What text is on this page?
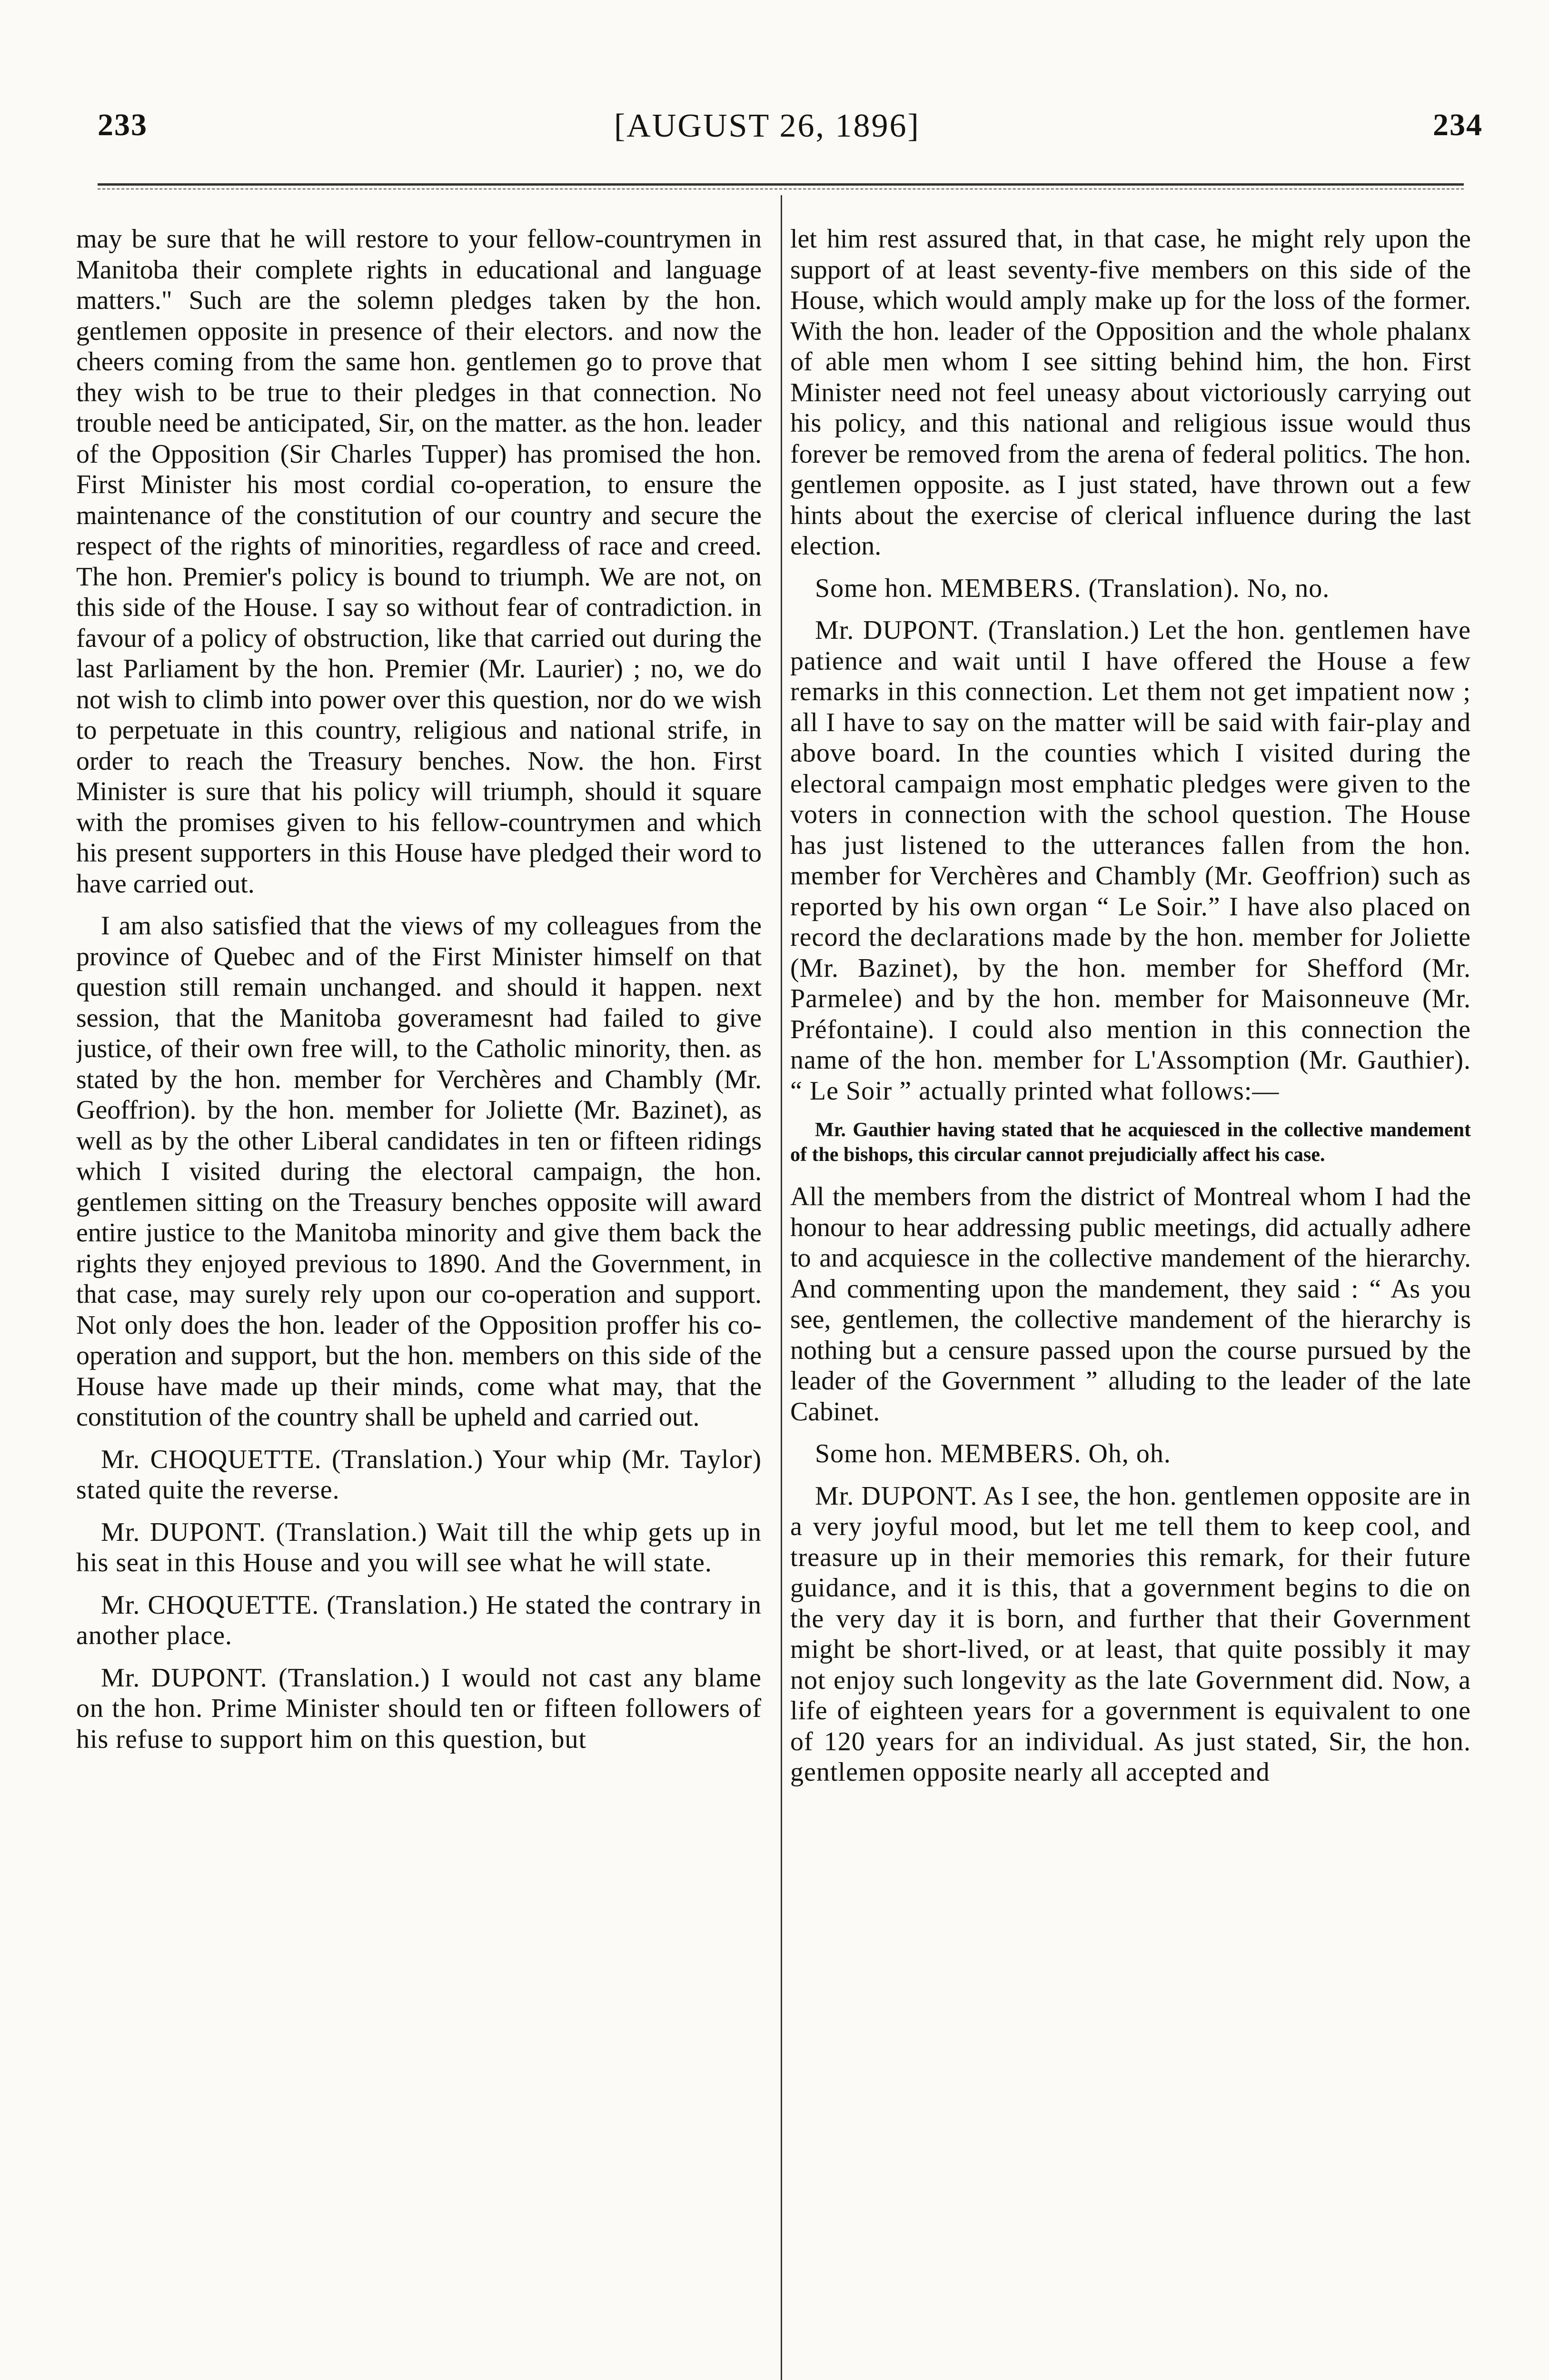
233	[AUGUST 26, 1896]	234

may be sure that he will restore to your fellow-countrymen in Manitoba their complete rights in educational and language matters." Such are the solemn pledges taken by the hon. gentlemen opposite in presence of their electors. and now the cheers coming from the same hon. gentlemen go to prove that they wish to be true to their pledges in that connection. No trouble need be anticipated, Sir, on the matter. as the hon. leader of the Opposition (Sir Charles Tupper) has promised the hon. First Minister his most cordial co-operation, to ensure the maintenance of the constitution of our country and secure the respect of the rights of minorities, regardless of race and creed. The hon. Premier's policy is bound to triumph. We are not, on this side of the House. I say so without fear of contradiction. in favour of a policy of obstruction, like that carried out during the last Parliament by the hon. Premier (Mr. Laurier) ; no, we do not wish to climb into power over this question, nor do we wish to perpetuate in this country, religious and national strife, in order to reach the Treasury benches. Now. the hon. First Minister is sure that his policy will triumph, should it square with the promises given to his fellow-countrymen and which his present supporters in this House have pledged their word to have carried out.

I am also satisfied that the views of my colleagues from the province of Quebec and of the First Minister himself on that question still remain unchanged. and should it happen. next session, that the Manitoba goveramesnt had failed to give justice, of their own free will, to the Catholic minority, then. as stated by the hon. member for Verchères and Chambly (Mr. Geoffrion). by the hon. member for Joliette (Mr. Bazinet), as well as by the other Liberal candidates in ten or fifteen ridings which I visited during the electoral campaign, the hon. gentlemen sitting on the Treasury benches opposite will award entire justice to the Manitoba minority and give them back the rights they enjoyed previous to 1890. And the Government, in that case, may surely rely upon our co-operation and support. Not only does the hon. leader of the Opposition proffer his co-operation and support, but the hon. members on this side of the House have made up their minds, come what may, that the constitution of the country shall be upheld and carried out.

Mr. CHOQUETTE. (Translation.) Your whip (Mr. Taylor) stated quite the reverse.

Mr. DUPONT. (Translation.) Wait till the whip gets up in his seat in this House and you will see what he will state.

Mr. CHOQUETTE. (Translation.) He stated the contrary in another place.

Mr. DUPONT. (Translation.) I would not cast any blame on the hon. Prime Minister should ten or fifteen followers of his refuse to support him on this question, but

let him rest assured that, in that case, he might rely upon the support of at least seventy-five members on this side of the House, which would amply make up for the loss of the former. With the hon. leader of the Opposition and the whole phalanx of able men whom I see sitting behind him, the hon. First Minister need not feel uneasy about victoriously carrying out his policy, and this national and religious issue would thus forever be removed from the arena of federal politics. The hon. gentlemen opposite. as I just stated, have thrown out a few hints about the exercise of clerical influence during the last election.

Some hon. MEMBERS. (Translation). No, no.

Mr. DUPONT. (Translation.) Let the hon. gentlemen have patience and wait until I have offered the House a few remarks in this connection. Let them not get impatient now ; all I have to say on the matter will be said with fair-play and above board. In the counties which I visited during the electoral campaign most emphatic pledges were given to the voters in connection with the school question. The House has just listened to the utterances fallen from the hon. member for Verchères and Chambly (Mr. Geoffrion) such as reported by his own organ “ Le Soir.” I have also placed on record the declarations made by the hon. member for Joliette (Mr. Bazinet), by the hon. member for Shefford (Mr. Parmelee) and by the hon. member for Maisonneuve (Mr. Préfontaine). I could also mention in this connection the name of the hon. member for L'Assomption (Mr. Gauthier). “ Le Soir ” actually printed what follows:—

Mr. Gauthier having stated that he acquiesced in the collective mandement of the bishops, this circular cannot prejudicially affect his case.

All the members from the district of Montreal whom I had the honour to hear addressing public meetings, did actually adhere to and acquiesce in the collective mandement of the hierarchy. And commenting upon the mandement, they said : “ As you see, gentlemen, the collective mandement of the hierarchy is nothing but a censure passed upon the course pursued by the leader of the Government ” alluding to the leader of the late Cabinet.

Some hon. MEMBERS. Oh, oh.

Mr. DUPONT. As I see, the hon. gentlemen opposite are in a very joyful mood, but let me tell them to keep cool, and treasure up in their memories this remark, for their future guidance, and it is this, that a government begins to die on the very day it is born, and further that their Government might be short-lived, or at least, that quite possibly it may not enjoy such longevity as the late Government did. Now, a life of eighteen years for a government is equivalent to one of 120 years for an individual. As just stated, Sir, the hon. gentlemen opposite nearly all accepted and
